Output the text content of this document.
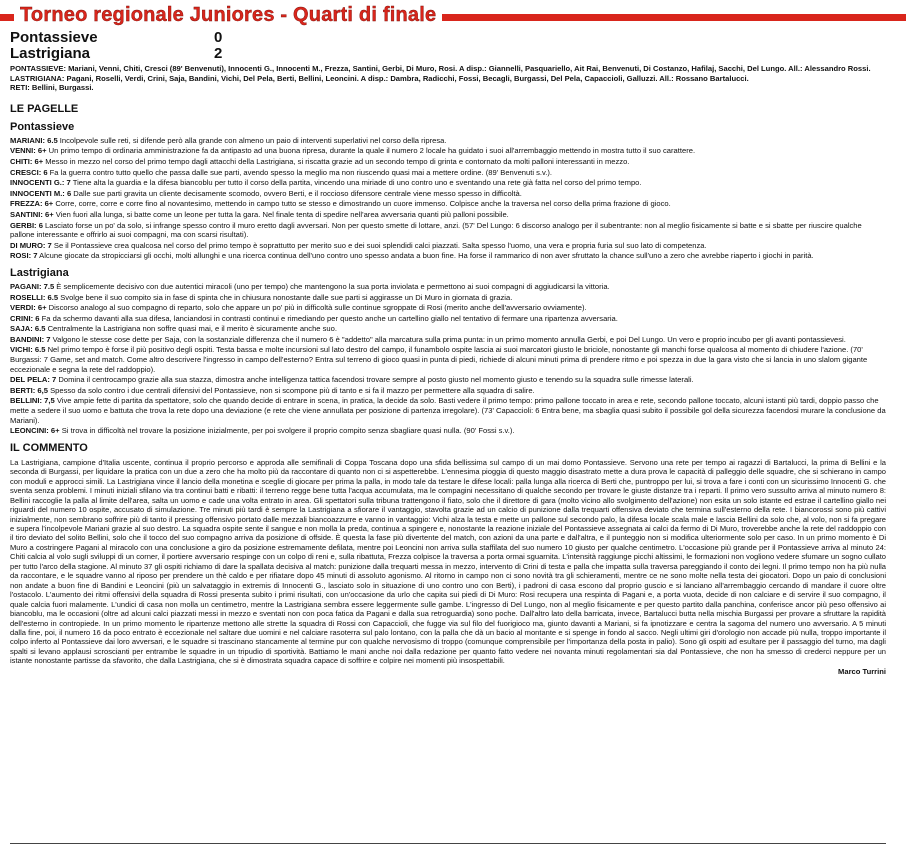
Torneo regionale Juniores - Quarti di finale
Pontassieve	0
Lastrigiana	2

PONTASSIEVE: Mariani, Venni, Chiti, Cresci (89' Benvenuti), Innocenti G., Innocenti M., Frezza, Santini, Gerbi, Di Muro, Rosi. A disp.: Giannelli, Pasquariello, Ait Rai, Benvenuti, Di Costanzo, Hafilaj, Sacchi, Del Lungo. All.: Alessandro Rossi.

LASTRIGIANA: Pagani, Roselli, Verdi, Crini, Saja, Bandini, Vichi, Del Pela, Berti, Bellini, Leoncini. A disp.: Dambra, Radicchi, Fossi, Becagli, Burgassi, Del Pela, Capaccioli, Galluzzi. All.: Rossano Bartalucci.

RETI: Bellini, Burgassi.

LE PAGELLE
Pontassieve

MARIANI: 6.5 Incolpevole sulle reti, si difende però alla grande con almeno un paio di interventi superlativi nel corso della ripresa.

VENNI: 6+ Un primo tempo di ordinaria amministrazione fa da antipasto ad una buona ripresa, durante la quale il numero 2 locale ha guidato i suoi all'arrembaggio mettendo in mostra tutto il suo carattere.

CHITI: 6+ Messo in mezzo nel corso del primo tempo dagli attacchi della Lastrigiana, si riscatta grazie ad un secondo tempo di grinta e contornato da molti palloni interessanti in mezzo.

CRESCI: 6 Fa la guerra contro tutto quello che passa dalle sue parti, avendo spesso la meglio ma non riuscendo quasi mai a mettere ordine. (89' Benvenuti s.v.).

INNOCENTI G.: 7 Tiene alta la guardia e la difesa biancoblu per tutto il corso della partita, vincendo una miriade di uno contro uno e sventando una rete già fatta nel corso del primo tempo.

INNOCENTI M.: 6 Dalle sue parti gravita un cliente decisamente scomodo, ovvero Berti, e il roccioso difensore centrale viene messo spesso in difficoltà.

FREZZA: 6+ Corre, corre, corre e corre fino al novantesimo, mettendo in campo tutto se stesso e dimostrando un cuore immenso. Colpisce anche la traversa nel corso della prima frazione di gioco.

SANTINI: 6+ Vien fuori alla lunga, si batte come un leone per tutta la gara. Nel finale tenta di spedire nell'area avversaria quanti più palloni possibile.

GERBI: 6 Lasciato forse un po' da solo, si infrange spesso contro il muro eretto dagli avversari. Non per questo smette di lottare, anzi. (57' Del Lungo: 6 discorso analogo per il subentrante: non al meglio fisicamente si batte e si sbatte per riuscire qualche pallone interessante e offrirlo ai suoi compagni, ma con scarsi risultati).

DI MURO: 7 Se il Pontassieve crea qualcosa nel corso del primo tempo è soprattutto per merito suo e dei suoi splendidi calci piazzati. Salta spesso l'uomo, una vera e propria furia sul suo lato di competenza.

ROSI: 7 Alcune giocate da stropicciarsi gli occhi, molti allunghi e una ricerca continua dell'uno contro uno spesso andata a buon fine. Ha forse il rammarico di non aver sfruttato la chance sull'uno a zero che avrebbe riaperto i giochi in parità.

Lastrigiana

PAGANI: 7.5 È semplicemente decisivo con due autentici miracoli (uno per tempo) che mantengono la sua porta inviolata e permettono ai suoi compagni di aggiudicarsi la vittoria.

ROSELLI: 6.5 Svolge bene il suo compito sia in fase di spinta che in chiusura nonostante dalle sue parti si aggirasse un Di Muro in giornata di grazia.

VERDI: 6+ Discorso analogo al suo compagno di reparto, solo che appare un po' più in difficoltà sulle continue sgroppate di Rosi (merito anche dell'avversario ovviamente).

CRINI: 6 Fa da schermo davanti alla sua difesa, lanciandosi in contrasti continui e rimediando per questo anche un cartellino giallo nel tentativo di fermare una ripartenza avversaria.

SAJA: 6.5 Centralmente la Lastrigiana non soffre quasi mai, e il merito è sicuramente anche suo.

BANDINI: 7 Valgono le stesse cose dette per Saja, con la sostanziale differenza che il numero 6 è "addetto" alla marcatura sulla prima punta: in un primo momento annulla Gerbi, e poi Del Lungo. Un vero e proprio incubo per gli avanti pontassievesi.

VICHI: 6.5 Nel primo tempo è forse il più positivo degli ospiti. Testa bassa e molte incursioni sul lato destro del campo, il funambolo ospite lascia ai suoi marcatori giusto le briciole, nonostante gli manchi forse qualcosa al momento di chiudere l'azione. (70' Burgassi: 7 Game, set and match. Come altro descrivere l'ingresso in campo dell'esterno? Entra sul terreno di gioco quasi in punta di piedi, richiede di alcuni minuti prima di prendere ritmo e poi spezza in due la gara visto che si lancia in uno slalom gigante eccezionale e segna la rete del raddoppio).

DEL PELA: 7 Domina il centrocampo grazie alla sua stazza, dimostra anche intelligenza tattica facendosi trovare sempre al posto giusto nel momento giusto e tenendo su la squadra sulle rimesse laterali.

BERTI: 6,5 Spesso da solo contro i due centrali difensivi del Pontassieve, non si scompone più di tanto e si fa il mazzo per permettere alla squadra di salire.

BELLINI: 7,5 Vive ampie fette di partita da spettatore, solo che quando decide di entrare in scena, in pratica, la decide da solo. Basti vedere il primo tempo: primo pallone toccato in area e rete, secondo pallone toccato, alcuni istanti più tardi, doppio passo che mette a sedere il suo uomo e battuta che trova la rete dopo una deviazione (e rete che viene annullata per posizione di partenza irregolare). (73' Capaccioli: 6 Entra bene, ma sbaglia quasi subito il possibile gol della sicurezza facendosi murare la conclusione da Mariani).

LEONCINI: 6+ Si trova in difficoltà nel trovare la posizione inizialmente, per poi svolgere il proprio compito senza sbagliare quasi nulla. (90' Fossi s.v.).

IL COMMENTO

La Lastrigiana, campione d'Italia uscente, continua il proprio percorso e approda alle semifinali di Coppa Toscana dopo una sfida bellissima sul campo di un mai domo Pontassieve. Servono una rete per tempo ai ragazzi di Bartalucci, la prima di Bellini e la seconda di Burgassi, per liquidare la pratica con un due a zero che ha molto più da raccontare di quanto non ci si aspetterebbe. L'ennesima pioggia di questo maggio disastrato mette a dura prova le capacità di palleggio delle squadre, che si schierano in campo con moduli e approcci simili. La Lastrigiana vince il lancio della monetina e sceglie di giocare per prima la palla, in modo tale da testare le difese locali: palla lunga alla ricerca di Berti che, puntroppo per lui, si trova a fare i conti con un sicurissimo Innocenti G. che sventa senza problemi. I minuti iniziali sfilano via tra continui batti e ribatti: il terreno regge bene tutta l'acqua accumulata, ma le compagini necessitano di qualche secondo per trovare le giuste distanze tra i reparti. Il primo vero sussulto arriva al minuto numero 8: Bellini raccoglie la palla al limite dell'area, salta un uomo e cade una volta entrato in area. Gli spettatori sulla tribuna trattengono il fiato, solo che il direttore di gara (molto vicino allo svolgimento dell'azione) non esita un solo istante ed estrae il cartellino giallo nei riguardi del numero 10 ospite, accusato di simulazione. Tre minuti più tardi è sempre la Lastrigiana a sfiorare il vantaggio, stavolta grazie ad un calcio di punizione dalla trequarti offensiva deviato che termina sull'esterno della rete. I biancorossi sono più cattivi inizialmente, non sembrano soffrire più di tanto il pressing offensivo portato dalle mezzali biancoazzurre e vanno in vantaggio: Vichi alza la testa e mette un pallone sul secondo palo, la difesa locale scala male e lascia Bellini da solo che, al volo, non si fa pregare e supera l'incolpevole Mariani grazie al suo destro. La squadra ospite sente il sangue e non molla la preda, continua a spingere e, nonostante la reazione iniziale del Pontassieve assegnata ai calci da fermo di Di Muro, troverebbe anche la rete del raddoppio con il tiro deviato del solito Bellini, solo che il tocco del suo compagno arriva da posizione di offside. È questa la fase più divertente del match, con azioni da una parte e dall'altra, e il punteggio non si modifica ulteriormente solo per caso. In un primo momento è Di Muro a costringere Pagani al miracolo con una conclusione a giro da posizione estremamente defilata, mentre poi Leoncini non arriva sulla staffilata del suo numero 10 giusto per qualche centimetro. L'occasione più grande per il Pontassieve arriva al minuto 24: Chiti calcia al volo sugli sviluppi di un corner, il portiere avversario respinge con un colpo di reni e, sulla ribattuta, Frezza colpisce la traversa a porta ormai sguarnita. L'intensità raggiunge picchi altissimi, le formazioni non vogliono vedere sfumare un sogno cullato per tutto l'arco della stagione. Al minuto 37 gli ospiti richiamo di dare la spallata decisiva al match: punizione dalla trequarti messa in mezzo, intervento di Crini di testa e palla che impatta sulla traversa pareggiando il conto dei legni. Il primo tempo non ha più nulla da raccontare, e le squadre vanno al riposo per prendere un thè caldo e per rifiatare dopo 45 minuti di assoluto agonismo. Al ritorno in campo non ci sono novità tra gli schieramenti, mentre ce ne sono molte nella testa dei giocatori. Dopo un paio di conclusioni non andate a buon fine di Bandini e Leoncini (più un salvataggio in extremis di Innocenti G., lasciato solo in situazione di uno contro uno con Berti), i padroni di casa escono dal proprio guscio e si lanciano all'arrembaggio cercando di mandare il cuore oltre l'ostacolo. L'aumento dei ritmi offensivi della squadra di Rossi presenta subito i primi risultati, con un'occasione da urlo che capita sui piedi di Di Muro: Rosi recupera una respinta di Pagani e, a porta vuota, decide di non calciare e di servire il suo compagno, il quale calcia fuori malamente. L'undici di casa non molla un centimetro, mentre la Lastrigiana sembra essere leggermente sulle gambe. L'ingresso di Del Lungo, non al meglio fisicamente e per questo partito dalla panchina, conferisce ancor più peso offensivo ai biancoblu, ma le occasioni (oltre ad alcuni calci piazzati messi in mezzo e sventati non con poca fatica da Pagani e dalla sua retroguardia) sono poche. Dall'altro lato della barricata, invece, Bartalucci butta nella mischia Burgassi per provare a sfruttare la rapidità dell'esterno in contropiede. In un primo momento le ripartenze mettono alle strette la squadra di Rossi con Capaccioli, che fugge via sul filo del fuorigioco ma, giunto davanti a Mariani, si fa ipnotizzare e centra la sagoma del numero uno avversario. A 5 minuti dalla fine, poi, il numero 16 da poco entrato è eccezionale nel saltare due uomini e nel calciare rasoterra sul palo lontano, con la palla che dà un bacio al montante e si spenge in fondo al sacco. Negli ultimi giri d'orologio non accade più nulla, troppo importante il colpo inferto al Pontassieve dai loro avversari, e le squadre si trascinano stancamente al termine pur con qualche nervosismo di troppo (comunque comprensibile per l'importanza della posta in palio). Sono gli ospiti ad esultare per il passaggio del turno, ma dagli spalti si levano applausi scroscianti per entrambe le squadre in un tripudio di sportività. Battiamo le mani anche noi dalla redazione per quanto fatto vedere nei novanta minuti regolamentari sia dal Pontassieve, che non ha smesso di crederci neppure per un istante nonostante partisse da sfavorito, che dalla Lastrigiana, che si è dimostrata squadra capace di soffrire e colpire nei momenti più insospettabili.

Marco Turrini
